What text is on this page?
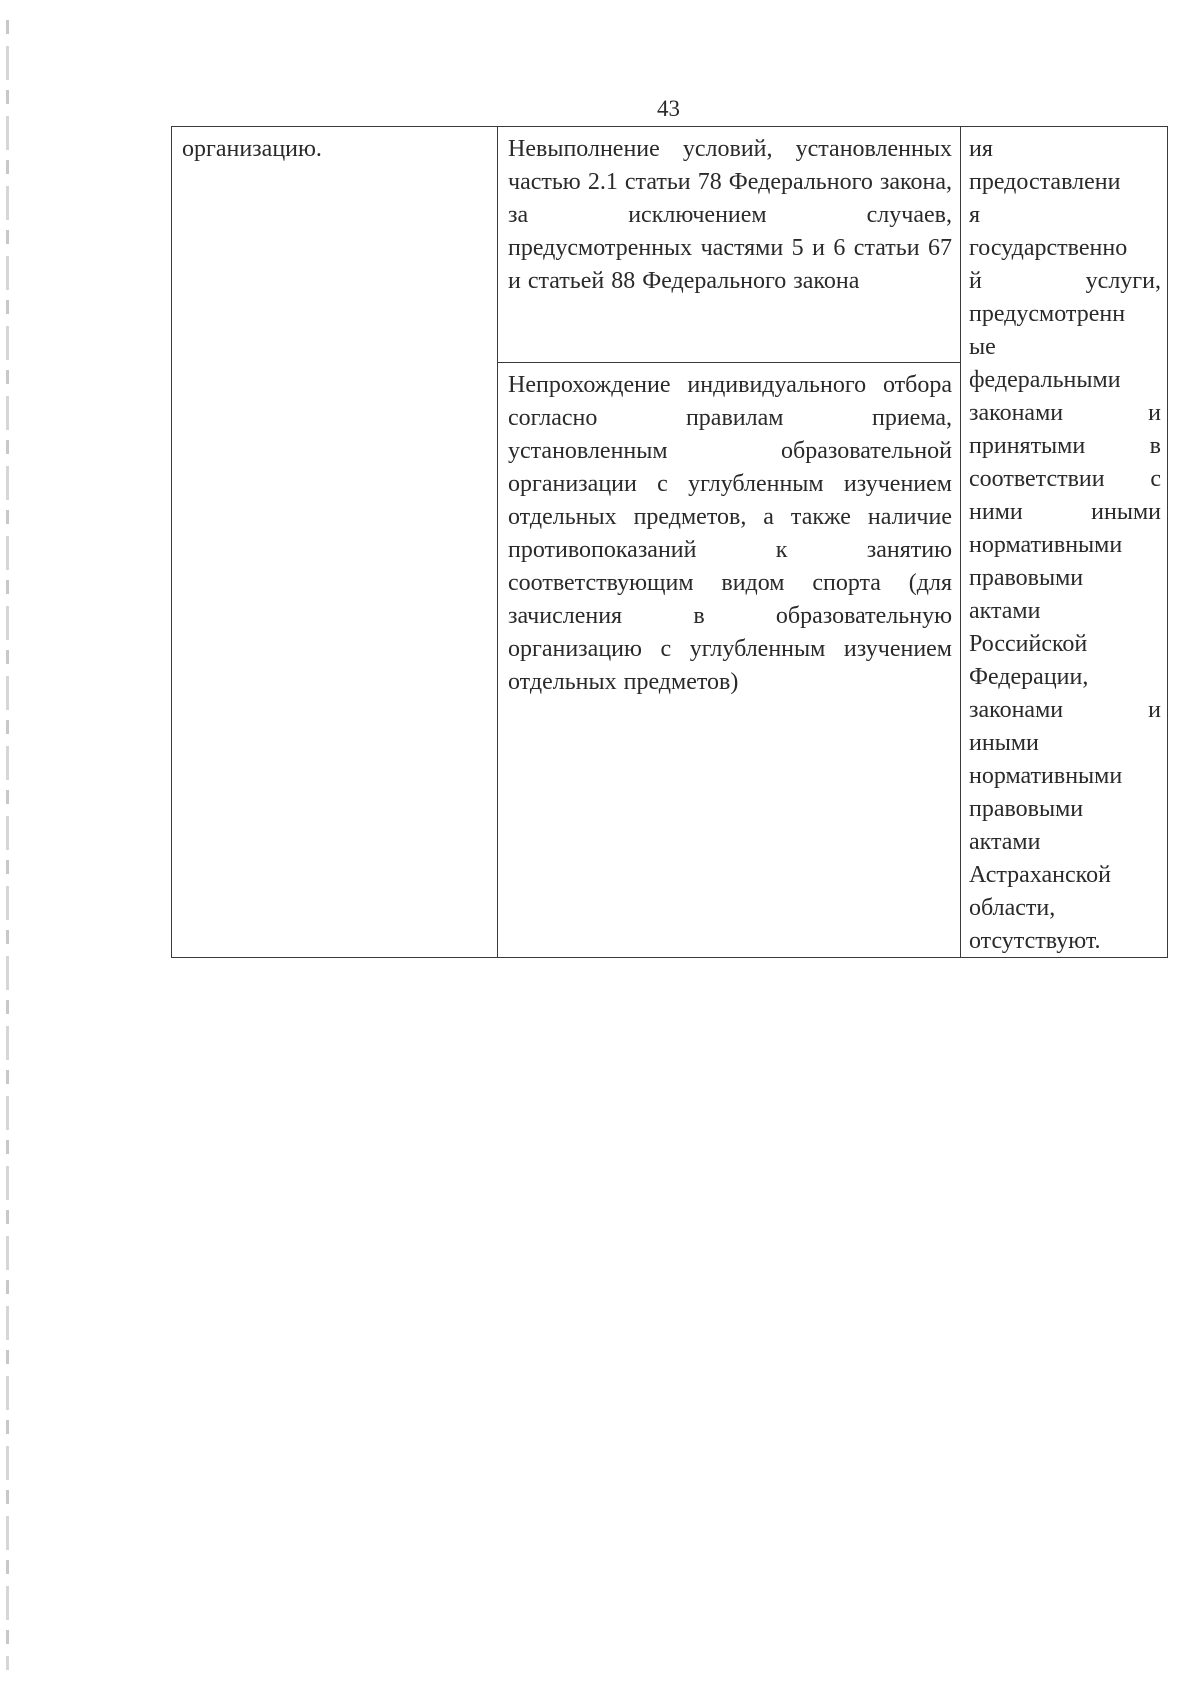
43
организацию.	Невыполнение условий, установленных частью 2.1 статьи 78 Федерального закона, за исключением случаев, предусмотренных частями 5 и 6 статьи 67 и статьей 88 Федерального закона
Непрохождение индивидуального отбора согласно правилам приема, установленным образовательной организации с углубленным изучением отдельных предметов, а также наличие противопоказаний к занятию соответствующим видом спорта (для зачисления в образовательную организацию с углубленным изучением отдельных предметов)
ия
предоставлени
я
государственно
й услуги,
предусмотренн
ые
федеральными
законами и
принятыми в
соответствии с
ними иными
нормативными
правовыми
актами
Российской
Федерации,
законами и
иными
нормативными
правовыми
актами
Астраханской
области,
отсутствуют.
